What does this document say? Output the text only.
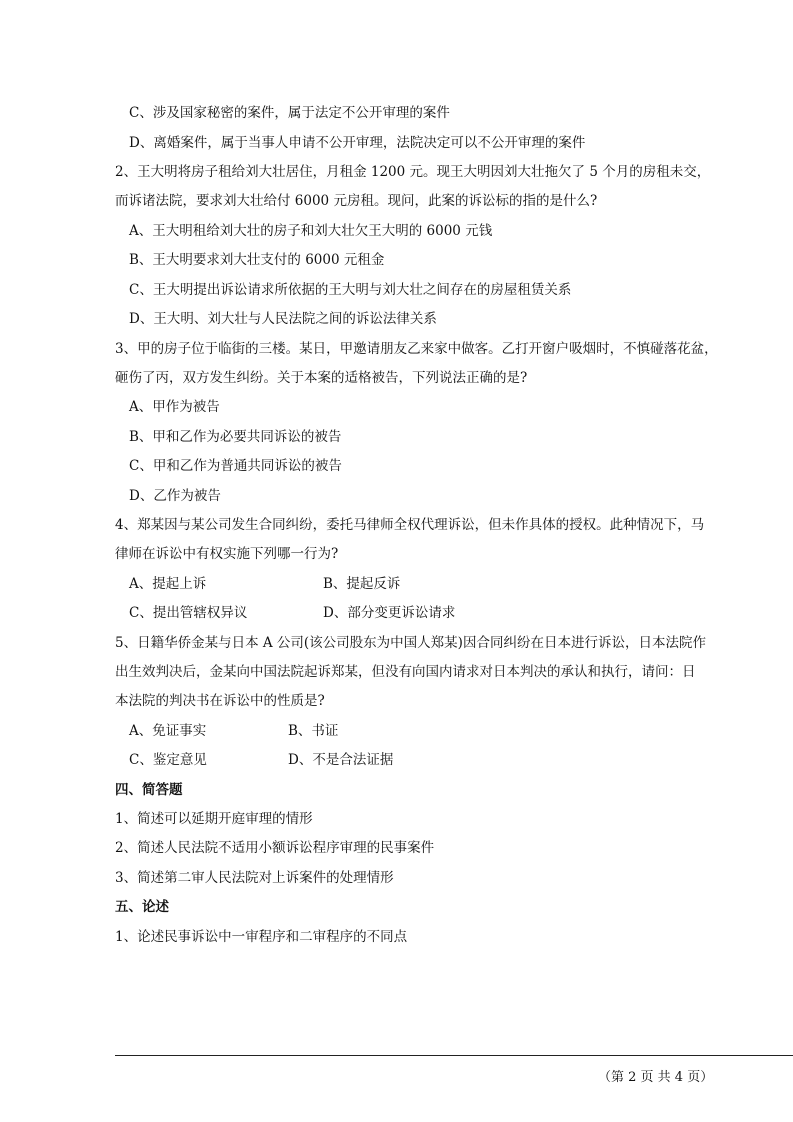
C、涉及国家秘密的案件，属于法定不公开审理的案件
D、离婚案件，属于当事人申请不公开审理，法院决定可以不公开审理的案件
2、王大明将房子租给刘大壮居住，月租金 1200 元。现王大明因刘大壮拖欠了 5 个月的房租未交，
而诉诸法院，要求刘大壮给付 6000 元房租。现问，此案的诉讼标的指的是什么?
A、王大明租给刘大壮的房子和刘大壮欠王大明的 6000 元钱
B、王大明要求刘大壮支付的 6000 元租金
C、王大明提出诉讼请求所依据的王大明与刘大壮之间存在的房屋租赁关系
D、王大明、刘大壮与人民法院之间的诉讼法律关系
3、甲的房子位于临街的三楼。某日，甲邀请朋友乙来家中做客。乙打开窗户吸烟时，不慎碰落花盆，
砸伤了丙，双方发生纠纷。关于本案的适格被告，下列说法正确的是?
A、甲作为被告
B、甲和乙作为必要共同诉讼的被告
C、甲和乙作为普通共同诉讼的被告
D、乙作为被告
4、郑某因与某公司发生合同纠纷，委托马律师全权代理诉讼，但未作具体的授权。此种情况下，马
律师在诉讼中有权实施下列哪一行为?
A、提起上诉	B、提起反诉
C、提出管辖权异议	D、部分变更诉讼请求
5、日籍华侨金某与日本 A 公司(该公司股东为中国人郑某)因合同纠纷在日本进行诉讼，日本法院作
出生效判决后，金某向中国法院起诉郑某，但没有向国内请求对日本判决的承认和执行，请问：日
本法院的判决书在诉讼中的性质是?
A、免证事实	B、书证
C、鉴定意见	D、不是合法证据
四、简答题
1、简述可以延期开庭审理的情形
2、简述人民法院不适用小额诉讼程序审理的民事案件
3、简述第二审人民法院对上诉案件的处理情形
五、论述
1、论述民事诉讼中一审程序和二审程序的不同点
（第 2 页 共 4 页）
